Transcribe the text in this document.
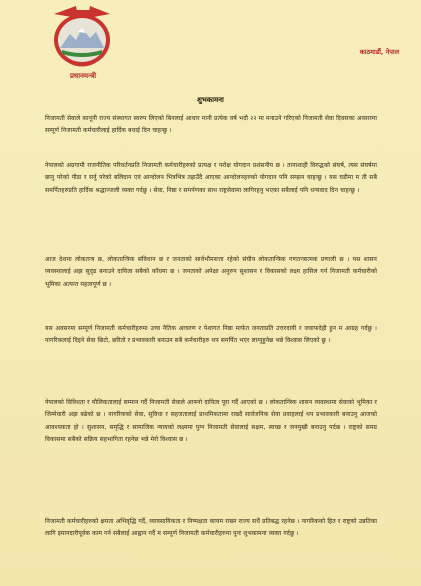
प्रधानमन्त्री
काठमाडौं, नेपाल
शुभकामना
निजामती सेवाले कानूनी राज्य संस्थागत स्वरुप लिएको बिनलाई आधार मानी प्रत्येक वर्ष भदौ २२ मा मनाउने गरिएको निजामती सेवा दिवसका अवसरमा सम्पूर्ण निजामती कर्मचारीलाई हार्दिक बधाई दिन चाहन्छु ।
नेपालको अग्रगामी राजनीतिक परिवर्तनप्रति निजामती कर्मचारीहरुको प्रत्यक्ष र परोक्ष योगदान प्रशंसनीय छ । तानाशाही विरुद्धको संघर्ष, त्यस संघर्षमा छानु परेको पीडा र सर्नु परेको बलिदान एवं आन्दोलन भित्रभित्र तह्राउँदै आएका आन्दोलनहरुको योगदान पनि सम्झन चाहन्छु । यस घडीमा म ती सबै समर्पितहरुप्रति हार्दिक श्रद्धाञ्जली व्यक्त गर्दछु । सेवा, निष्ठा र समर्पणका साथ राष्ट्रसेवामा लागिरहनु भएका सबैलाई पनि धन्यवाद दिन चाहन्छु ।
आज देशमा लोकतन्त्र छ, लोकतान्त्रिक संविधान छ र जनताको सार्वभौमसत्ता रहेको संघीय लोकतान्त्रिक गणतन्त्रात्मक प्रणाली छ । यस शासन व्यवस्थालाई अझ सुदृढ बनाउने दायित्व सबैको काँधमा छ । जनताको अपेक्षा अनुरुप सुशासन र विकासको लक्ष्य हासिल गर्न निजामती कर्मचारीको भूमिका अत्यन्त महत्वपूर्ण छ ।
यस अवसरमा सम्पूर्ण निजामती कर्मचारीहरुमा उच्च नैतिक आचरण र पेशागत निष्ठा मार्फत जनताप्रति उत्तरदायी र जवाफदेही हुन म आग्रह गर्दछु । नागरिकलाई दिइने सेवा छिटो, छरितो र प्रभावकारी बनाउन सबै कर्मचारीहरु थप समर्पित भएर लाग्नुहुनेछ भन्ने विश्वास लिएको छु ।
नेपालको विविधता र मौलिकतालाई सम्मान गर्दै निजामती सेवाले आफ्नो दायित्व पूरा गर्दै आएको छ । लोकतान्त्रिक शासन व्यवस्थामा सेवाको भूमिका र जिम्मेवारी अझ बढेको छ । नागरिकको सेवा, सुविधा र सहजतालाई प्राथमिकतामा राख्दै सार्वजनिक सेवा प्रवाहलाई थप प्रभावकारी बनाउनु आजको आवश्यकता हो । सुशासन, समृद्धि र सामाजिक न्यायको लक्ष्यमा पुग्न निजामती सेवालाई सक्षम, स्वच्छ र जनमुखी बनाउनु पर्दछ । राष्ट्रको समग्र विकासमा सबैको सक्रिय सहभागिता रहनेछ भन्ने मेरो विश्वास छ ।
निजामती कर्मचारीहरुको क्षमता अभिवृद्धि गर्दै, व्यावसायिकता र निष्पक्षता कायम राख्न राज्य सधैं प्रतिबद्ध रहनेछ । नागरिकको हित र राष्ट्रको उन्नतिका लागि इमानदारीपूर्वक काम गर्न सबैलाई आह्वान गर्दै म सम्पूर्ण निजामती कर्मचारीहरुमा पुनः शुभकामना व्यक्त गर्दछु ।
